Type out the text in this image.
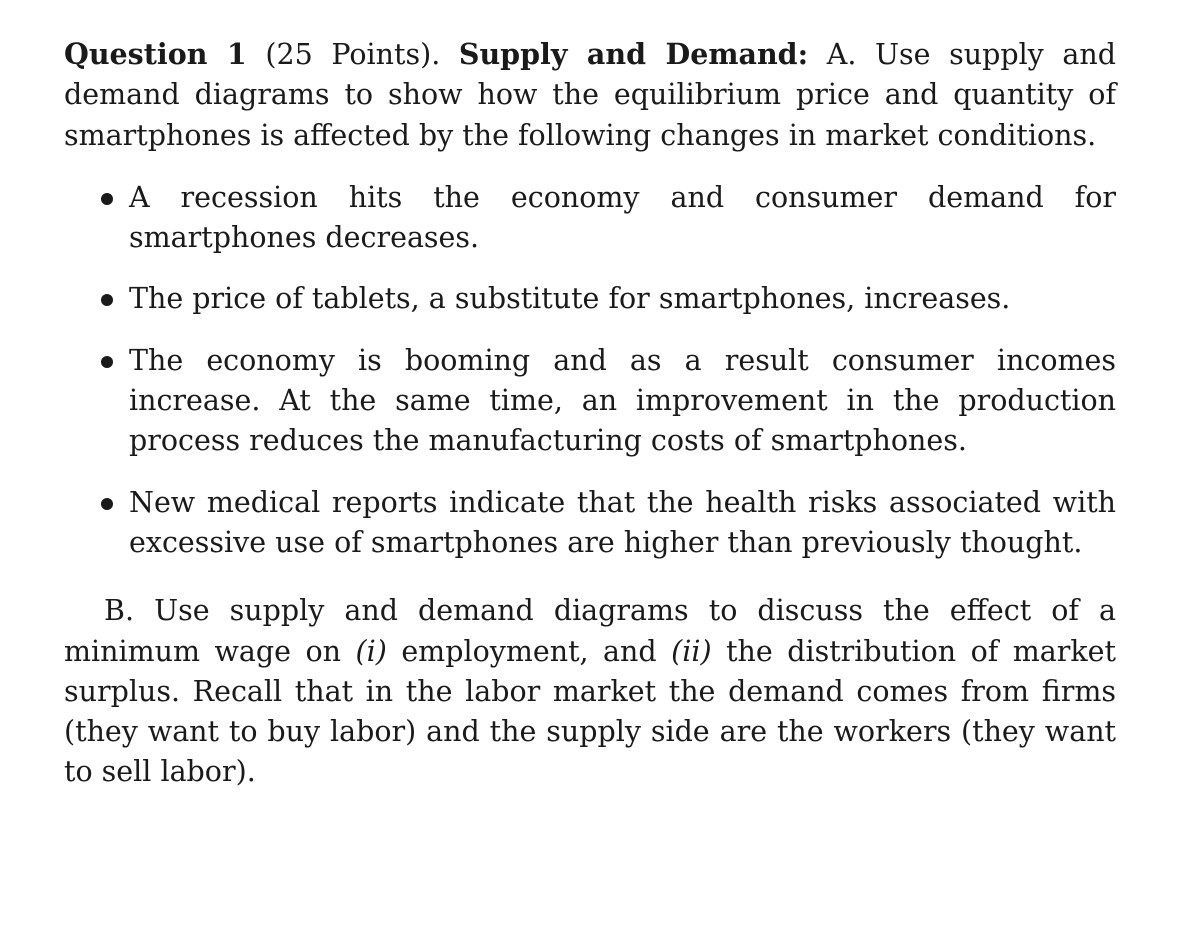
Question 1 (25 Points). Supply and Demand: A. Use supply and demand diagrams to show how the equilibrium price and quantity of smartphones is affected by the following changes in market conditions.

A recession hits the economy and consumer demand for smartphones decreases.
The price of tablets, a substitute for smartphones, increases.
The economy is booming and as a result consumer incomes increase. At the same time, an improvement in the production process reduces the manufacturing costs of smartphones.
New medical reports indicate that the health risks associated with excessive use of smartphones are higher than previously thought.

B. Use supply and demand diagrams to discuss the effect of a minimum wage on (i) employment, and (ii) the distribution of market surplus. Recall that in the labor market the demand comes from firms (they want to buy labor) and the supply side are the workers (they want to sell labor).
